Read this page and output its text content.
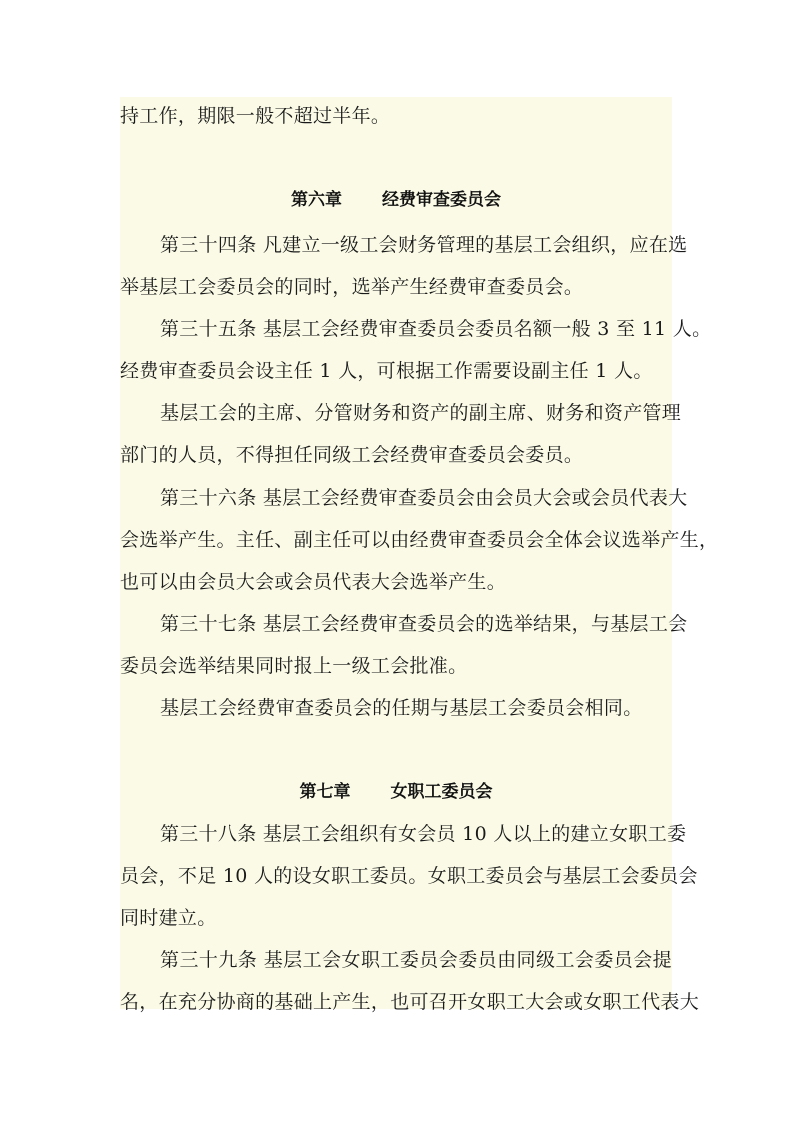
持工作，期限一般不超过半年。
第六章 经费审查委员会
第三十四条 凡建立一级工会财务管理的基层工会组织，应在选
举基层工会委员会的同时，选举产生经费审查委员会。
第三十五条 基层工会经费审查委员会委员名额一般 3 至 11 人。
经费审查委员会设主任 1 人，可根据工作需要设副主任 1 人。
基层工会的主席、分管财务和资产的副主席、财务和资产管理
部门的人员，不得担任同级工会经费审查委员会委员。
第三十六条 基层工会经费审查委员会由会员大会或会员代表大
会选举产生。主任、副主任可以由经费审查委员会全体会议选举产生，
也可以由会员大会或会员代表大会选举产生。
第三十七条 基层工会经费审查委员会的选举结果，与基层工会
委员会选举结果同时报上一级工会批准。
基层工会经费审查委员会的任期与基层工会委员会相同。
第七章 女职工委员会
第三十八条 基层工会组织有女会员 10 人以上的建立女职工委
员会，不足 10 人的设女职工委员。女职工委员会与基层工会委员会
同时建立。
第三十九条 基层工会女职工委员会委员由同级工会委员会提
名，在充分协商的基础上产生，也可召开女职工大会或女职工代表大
